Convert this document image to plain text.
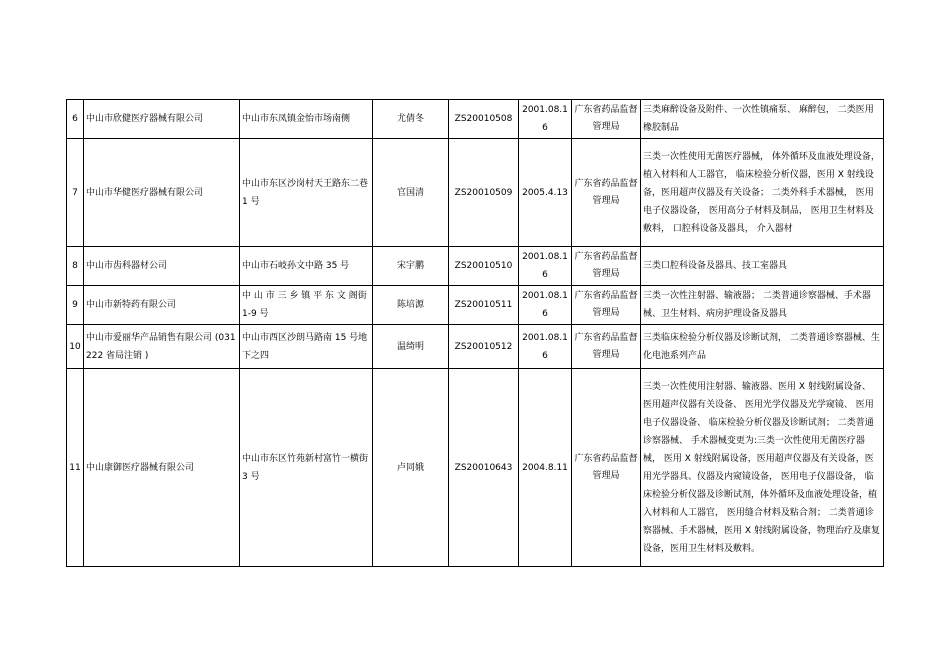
6	中山市欣健医疗器械有限公司	中山市东凤镇金怡市场南侧	尤倩冬	ZS20010508	2001.08.16	广东省药品监督管理局	三类麻醉设备及附件、一次性镇痛泵、 麻醉包， 二类医用橡胶制品
7	中山市华健医疗器械有限公司	中山市东区沙岗村天王路东二巷 1 号	官国清	ZS20010509	2005.4.13	广东省药品监督管理局	三类一次性使用无菌医疗器械， 体外循环及血液处理设备， 植入材料和人工器官， 临床检验分析仪器，医用 X 射线设备，医用超声仪器及有关设备； 二类外科手术器械， 医用电子仪器设备， 医用高分子材料及制品， 医用卫生材料及敷料， 口腔科设备及器具， 介入器材
8	中山市齿科器材公司	中山市石岐孙文中路 35 号	宋宇鹏	ZS20010510	2001.08.16	广东省药品监督管理局	三类口腔科设备及器具、技工室器具
9	中山市新特药有限公司	中 山 市 三 乡 镇 平 东 文 阁街 1-9 号	陈培源	ZS20010511	2001.08.16	广东省药品监督管理局	三类一次性注射器、输液器； 二类普通诊察器械、手术器械、卫生材料、病房护理设备及器具
10	中山市爱丽华产品销售有限公司 (031222 省局注销 )	中山市西区沙朗马路南 15 号地下之四	温绮明	ZS20010512	2001.08.16	广东省药品监督管理局	三类临床检验分析仪器及诊断试剂， 二类普通诊察器械、生化电池系列产品
11	中山康御医疗器械有限公司	中山市东区竹苑新村富竹一横街 3 号	卢同娥	ZS20010643	2004.8.11	广东省药品监督管理局	三类一次性使用注射器、输液器、医用 X 射线附属设备、 医用超声仪器有关设备、 医用光学仪器及光学窥镜、 医用电子仪器设备、 临床检验分析仪器及诊断试剂； 二类普通诊察器械、 手术器械变更为:三类一次性使用无菌医疗器械， 医用 X 射线附属设备，医用超声仪器及有关设备，医用光学器具、仪器及内窥镜设备， 医用电子仪器设备， 临床检验分析仪器及诊断试剂，体外循环及血液处理设备，植入材料和人工器官， 医用缝合材料及粘合剂； 二类普通诊察器械、手术器械，医用 X 射线附属设备，物理治疗及康复设备，医用卫生材料及敷料。
